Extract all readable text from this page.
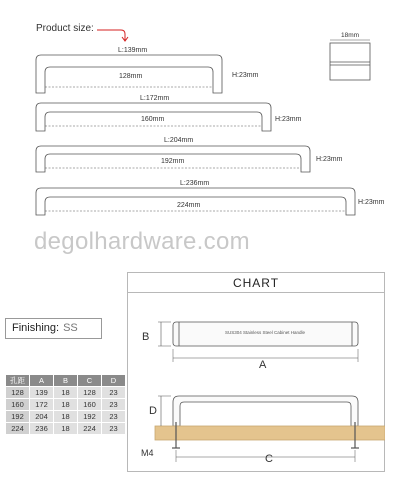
Product size:
L:139mm
128mm	H:23mm
L:172mm
160mm	H:23mm
L:204mm
192mm	H:23mm
L:236mm
224mm	H:23mm
18mm
degolhardware.com
CHART
B
A
D
M4	C
SUS304 Stainless Steel Cabinet Handle
Finishing: SS
孔距	A	B	C	D
128	139	18	128	23
160	172	18	160	23
192	204	18	192	23
224	236	18	224	23
